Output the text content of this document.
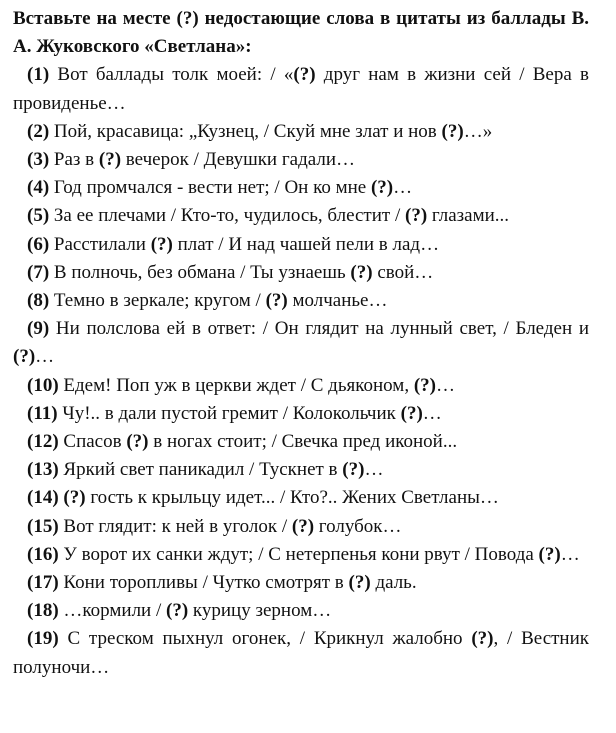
Вставьте на месте (?) недостающие слова в цитаты из баллады В. А. Жуковского «Светлана»:
(1) Вот баллады толк моей: / «(?) друг нам в жизни сей / Вера в провиденье…
(2) Пой, красавица: „Кузнец, / Скуй мне злат и нов (?)…»
(3) Раз в (?) вечерок / Девушки гадали…
(4) Год промчался - вести нет; / Он ко мне (?)…
(5) За ее плечами / Кто-то, чудилось, блестит / (?) глазами...
(6) Расстилали (?) плат / И над чашей пели в лад…
(7) В полночь, без обмана / Ты узнаешь (?) свой…
(8) Темно в зеркале; кругом / (?) молчанье…
(9) Ни полслова ей в ответ: / Он глядит на лунный свет, / Бледен и (?)…
(10) Едем! Поп уж в церкви ждет / С дьяконом, (?)…
(11) Чу!.. в дали пустой гремит / Колокольчик (?)…
(12) Спасов (?) в ногах стоит; / Свечка пред иконой...
(13) Яркий свет паникадил / Тускнет в (?)…
(14) (?) гость к крыльцу идет... / Кто?.. Жених Светланы…
(15) Вот глядит: к ней в уголок / (?) голубок…
(16) У ворот их санки ждут; / С нетерпенья кони рвут / Повода (?)…
(17) Кони торопливы / Чутко смотрят в (?) даль.
(18) …кормили / (?) курицу зерном…
(19) С треском пыхнул огонек, / Крикнул жалобно (?), / Вестник полуночи…
